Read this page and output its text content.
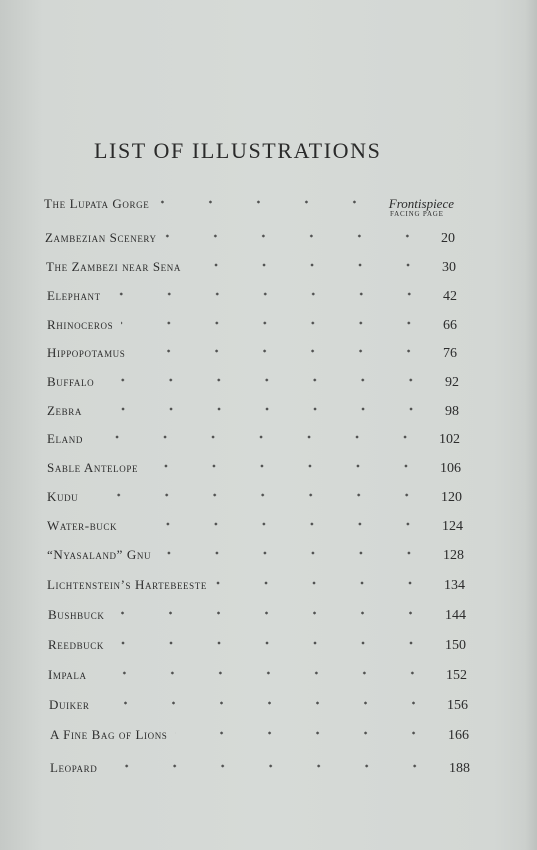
LIST OF ILLUSTRATIONS
FACING PAGE
The Lupata Gorge	Frontispiece
Zambezian Scenery	20
The Zambezi near Sena	30
Elephant	42
Rhinoceros	66
Hippopotamus	76
Buffalo	92
Zebra	98
Eland	102
Sable Antelope	106
Kudu	120
Water-buck	124
“Nyasaland” Gnu	128
Lichtenstein’s Hartebeeste	134
Bushbuck	144
Reedbuck	150
Impala	152
Duiker	156
A Fine Bag of Lions	166
Leopard	188
